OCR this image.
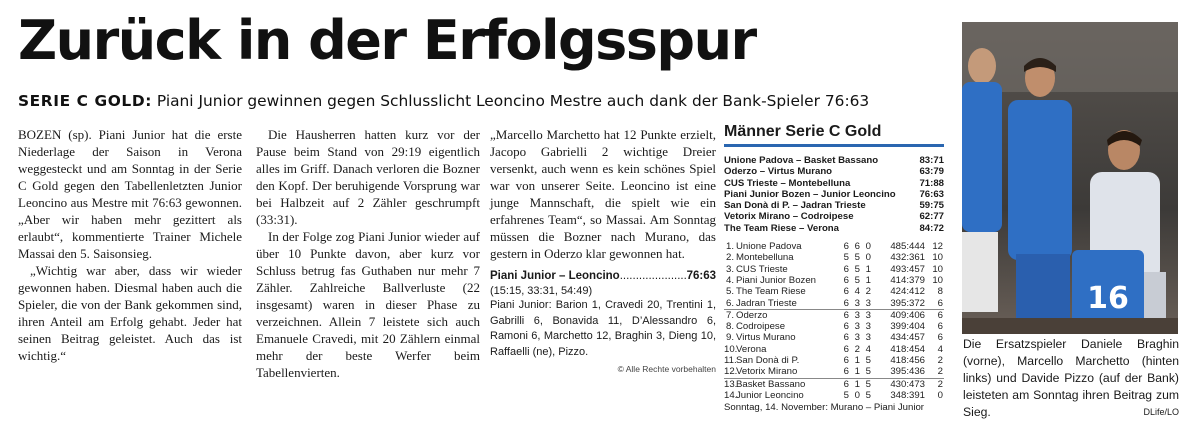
Zurück in der Erfolgsspur
SERIE C GOLD: Piani Junior gewinnen gegen Schlusslicht Leoncino Mestre auch dank der Bank-Spieler 76:63

BOZEN (sp). Piani Junior hat die erste Niederlage der Saison in Verona weggesteckt und am Sonntag in der Serie C Gold gegen den Tabellenletzten Junior Leoncino aus Mestre mit 76:63 gewonnen. „Aber wir haben mehr gezittert als erlaubt“, kommentierte Trainer Michele Massai den 5. Saisonsieg.

„Wichtig war aber, dass wir wieder gewonnen haben. Diesmal haben auch die Spieler, die von der Bank gekommen sind, ihren Anteil am Erfolg gehabt. Jeder hat seinen Beitrag geleistet. Auch das ist wichtig.“

Die Hausherren hatten kurz vor der Pause beim Stand von 29:19 eigentlich alles im Griff. Danach verloren die Bozner den Kopf. Der beruhigende Vorsprung war bei Halbzeit auf 2 Zähler geschrumpft (33:31).

In der Folge zog Piani Junior wieder auf über 10 Punkte davon, aber kurz vor Schluss betrug fas Guthaben nur mehr 7 Zähler. Zahlreiche Ballverluste (22 insgesamt) waren in dieser Phase zu verzeichnen. Allein 7 leistete sich auch Emanuele Cravedi, mit 20 Zählern einmal mehr der beste Werfer beim Tabellenvierten.

„Marcello Marchetto hat 12 Punkte erzielt, Jacopo Gabrielli 2 wichtige Dreier versenkt, auch wenn es kein schönes Spiel war von unserer Seite. Leoncino ist eine junge Mannschaft, die spielt wie ein erfahrenes Team“, so Massai. Am Sonntag müssen die Bozner nach Murano, das gestern in Oderzo klar gewonnen hat.

Piani Junior – Leoncino
.....	76:63
(15:15, 33:31, 54:49)
Piani Junior: Barion 1, Cravedi 20, Trentini 1, Gabrilli 6, Bonavida 11, D’Alessandro 6, Ramoni 6, Marchetto 12, Braghin 3, Dieng 10, Raffaelli (ne), Pizzo.
© Alle Rechte vorbehalten
Männer Serie C Gold
Unione Padova – Basket Bassano	83:71
Oderzo – Virtus Murano	63:79
CUS Trieste – Montebelluna	71:88
Piani Junior Bozen – Junior Leoncino 76:63
San Donà di P. – Jadran Trieste	59:75
Vetorix Mirano – Codroipese	62:77
The Team Riese – Verona	84:72
1. Unione Padova	6 6 0	485:444 12
2. Montebelluna	5 5 0	432:361 10
3. CUS Trieste	6 5 1	493:457 10
4. Piani Junior Bozen	6 5 1	414:379 10
5. The Team Riese	6 4 2	424:412	8
6. Jadran Trieste	6 3 3	395:372	6
7. Oderzo	6 3 3	409:406	6
8. Codroipese	6 3 3	399:404	6
9. Virtus Murano	6 3 3	434:457	6
10.
Verona	6 2 4	418:454	4
11. San Donà di P.	6 1 5	418:456	2
12.
Vetorix Mirano	6 1 5	395:436	2
13.
Basket Bassano	6 1 5	430:473	2
14.
Junior Leoncino	5 0 5	348:391	0
Sonntag, 14. November: Murano – Piani Junior
16
Die Ersatzspieler Daniele Braghin (vorne), Marcello Marchetto (hinten links) und Davide Pizzo (auf der Bank) leisteten am Sonntag ihren Beitrag zum Sieg.	DLife/LO
